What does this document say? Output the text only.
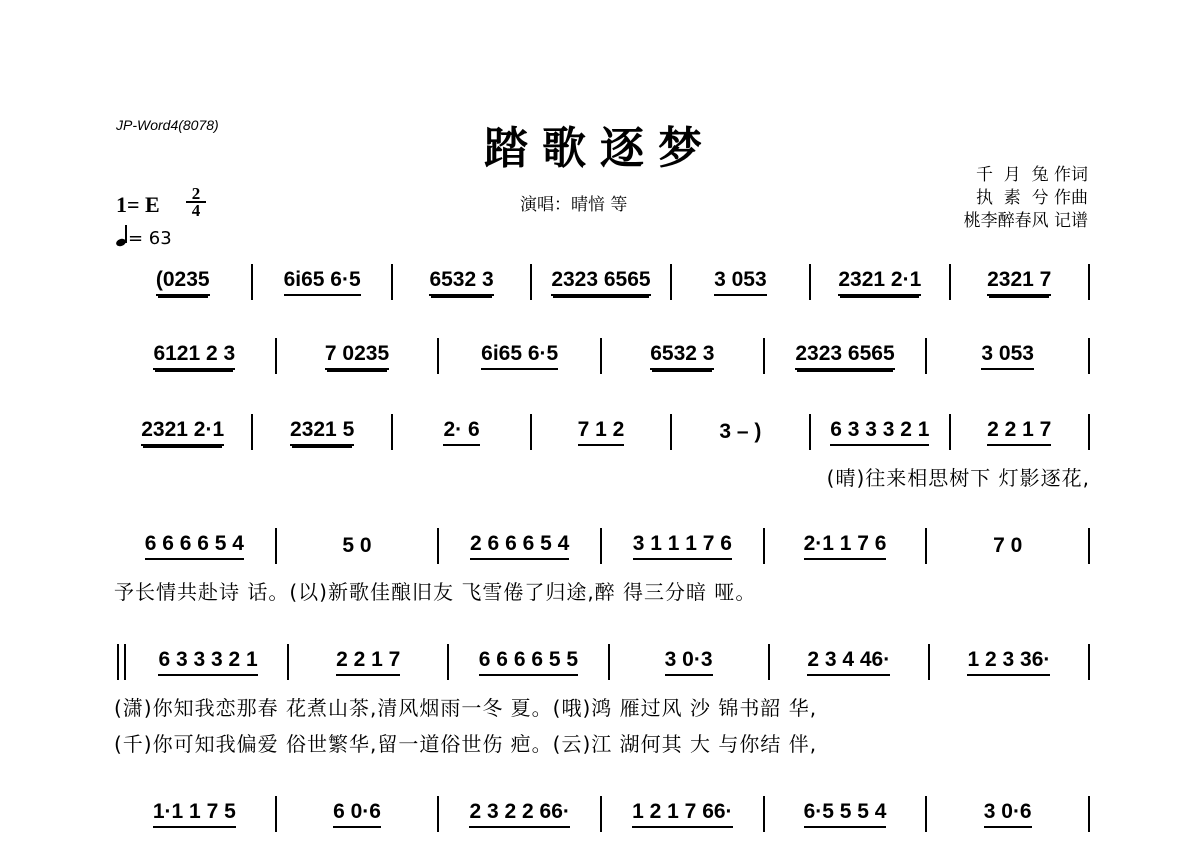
JP-Word4(8078)	踏歌逐梦
演唱：晴愔 等
千  月  兔 作词
执  素  兮 作曲
桃李醉春风 记谱
1= E	2
4
= 63
(0235	6i65 6·5	6532 3	2323 6565	3 053	2321 2·1	2321 7
6121 2 3	7 0235	6i65 6·5	6532 3	2323 6565	3 053
2321 2·1	2321 5	2· 6	7 1 2	3 – )	6 3 3 3 2 1	2 2 1 7
(晴)往来相思树下 灯影逐花,
6 6 6 6 5 4	5 0	2 6 6 6 5 4	3 1 1 1 7 6	2·1 1 7 6	7 0
予长情共赴诗 话。(以)新歌佳酿旧友 飞雪倦了归途,醉 得三分暗 哑。
6 3 3 3 2 1	2 2 1 7	6 6 6 6 5 5	3 0·3	2 3 4 46·	1 2 3 36·
(潇)你知我恋那春 花煮山茶,清风烟雨一冬 夏。(哦)鸿 雁过风 沙 锦书韶 华,
(千)你可知我偏爱 俗世繁华,留一道俗世伤 疤。(云)江 湖何其 大 与你结 伴,
1·1 1 7 5	6 0·6	2 3 2 2 66·	1 2 1 7 66·	6·5 5 5 4	3 0·6
